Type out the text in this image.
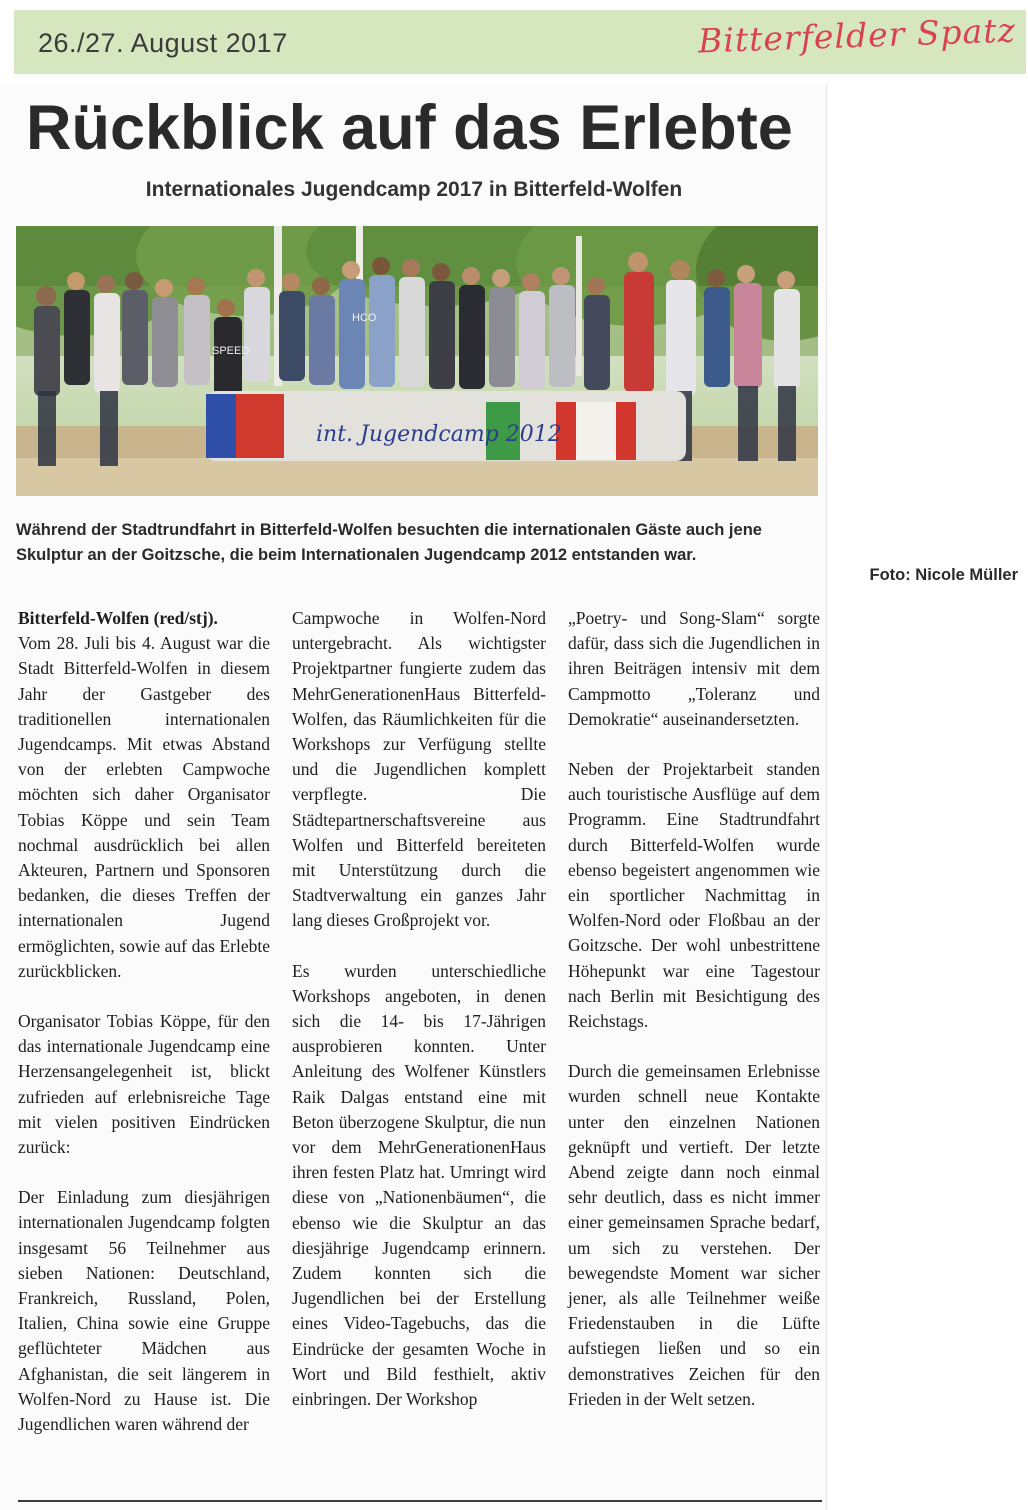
26./27. August 2017	Bitterfelder Spatz
Rückblick auf das Erlebte
Internationales Jugendcamp 2017 in Bitterfeld-Wolfen
int. Jugendcamp 2012
SPEED
HCO
Während der Stadtrundfahrt in Bitterfeld-Wolfen besuchten die internationalen Gäste auch jene Skulptur an der Goitzsche, die beim Internationalen Jugendcamp 2012 entstanden war.
Foto: Nicole Müller

Bitterfeld-Wolfen (red/stj).
Vom 28. Juli bis 4. August war die Stadt Bitterfeld-Wolfen in diesem Jahr der Gastgeber des traditionellen internationalen Jugendcamps. Mit etwas Abstand von der erlebten Campwoche möchten sich daher Organisator Tobias Köppe und sein Team nochmal ausdrücklich bei allen Akteuren, Partnern und Sponsoren bedanken, die dieses Treffen der internationalen Jugend ermöglichten, sowie auf das Erlebte zurückblicken.

Organisator Tobias Köppe, für den das internationale Jugendcamp eine Herzensangelegenheit ist, blickt zufrieden auf erlebnisreiche Tage mit vielen positiven Eindrücken zurück:

Der Einladung zum diesjährigen internationalen Jugendcamp folgten insgesamt 56 Teilnehmer aus sieben Nationen: Deutschland, Frankreich, Russland, Polen, Italien, China sowie eine Gruppe geflüchteter Mädchen aus Afghanistan, die seit längerem in Wolfen-Nord zu Hause ist. Die Jugendlichen waren während der

Campwoche in Wolfen-Nord untergebracht. Als wichtigster Projektpartner fungierte zudem das MehrGenerationenHaus Bitterfeld-Wolfen, das Räumlichkeiten für die Workshops zur Verfügung stellte und die Jugendlichen komplett verpflegte. Die Städtepartnerschaftsvereine aus Wolfen und Bitterfeld bereiteten mit Unterstützung durch die Stadtverwaltung ein ganzes Jahr lang dieses Großprojekt vor.

Es wurden unterschiedliche Workshops angeboten, in denen sich die 14- bis 17-Jährigen ausprobieren konnten. Unter Anleitung des Wolfener Künstlers Raik Dalgas entstand eine mit Beton überzogene Skulptur, die nun vor dem MehrGenerationenHaus ihren festen Platz hat. Umringt wird diese von „Nationenbäumen“, die ebenso wie die Skulptur an das diesjährige Jugendcamp erinnern. Zudem konnten sich die Jugendlichen bei der Erstellung eines Video-Tagebuchs, das die Eindrücke der gesamten Woche in Wort und Bild festhielt, aktiv einbringen. Der Workshop

„Poetry- und Song-Slam“ sorgte dafür, dass sich die Jugendlichen in ihren Beiträgen intensiv mit dem Campmotto „Toleranz und Demokratie“ auseinandersetzten.

Neben der Projektarbeit standen auch touristische Ausflüge auf dem Programm. Eine Stadtrundfahrt durch Bitterfeld-Wolfen wurde ebenso begeistert angenommen wie ein sportlicher Nachmittag in Wolfen-Nord oder Floßbau an der Goitzsche. Der wohl unbestrittene Höhepunkt war eine Tagestour nach Berlin mit Besichtigung des Reichstags.

Durch die gemeinsamen Erlebnisse wurden schnell neue Kontakte unter den einzelnen Nationen geknüpft und vertieft. Der letzte Abend zeigte dann noch einmal sehr deutlich, dass es nicht immer einer gemeinsamen Sprache bedarf, um sich zu verstehen. Der bewegendste Moment war sicher jener, als alle Teilnehmer weiße Friedenstauben in die Lüfte aufstiegen ließen und so ein demonstratives Zeichen für den Frieden in der Welt setzen.
